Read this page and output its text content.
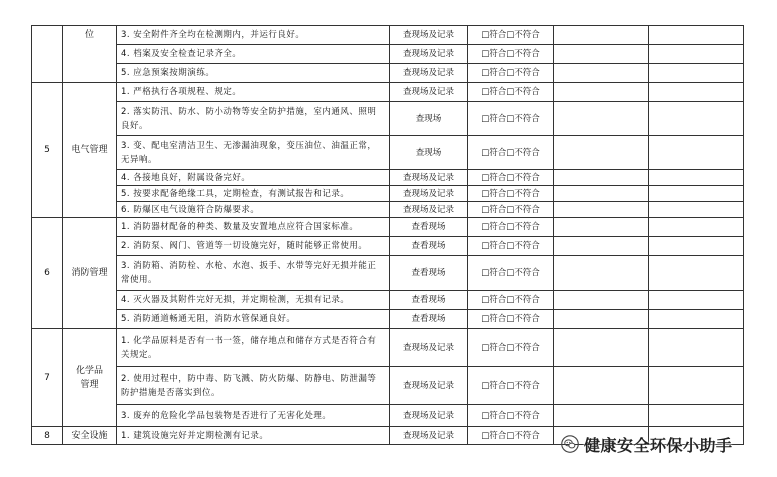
	位	3. 安全附件齐全均在检测期内，并运行良好。	查现场及记录	□符合□不符合		
		4. 档案及安全检查记录齐全。	查现场及记录	□符合□不符合		
		5. 应急预案按期演练。	查现场及记录	□符合□不符合		
5	电气管理	1. 严格执行各项规程、规定。	查现场及记录	□符合□不符合		
		2. 落实防汛、防水、防小动物等安全防护措施，室内通风、照明良好。	查现场	□符合□不符合		
		3. 变、配电室清洁卫生、无渗漏油现象，变压油位、油温正常，无异响。	查现场	□符合□不符合		
		4. 各接地良好，附属设备完好。	查现场及记录	□符合□不符合		
		5. 按要求配备绝缘工具，定期检查，有测试报告和记录。	查现场及记录	□符合□不符合		
		6. 防爆区电气设施符合防爆要求。	查现场及记录	□符合□不符合		
6	消防管理	1. 消防器材配备的种类、数量及安置地点应符合国家标准。	查看现场	□符合□不符合		
		2. 消防泵、阀门、管道等一切设施完好，随时能够正常使用。	查看现场	□符合□不符合		
		3. 消防箱、消防栓、水枪、水泡、扳手、水带等完好无损并能正常使用。	查看现场	□符合□不符合		
		4. 灭火器及其附件完好无损，并定期检测，无损有记录。	查看现场	□符合□不符合		
		5. 消防通道畅通无阻，消防水管保通良好。	查看现场	□符合□不符合		
7	化学品管理	1. 化学品原料是否有一书一签，储存地点和储存方式是否符合有关规定。	查现场及记录	□符合□不符合		
		2. 使用过程中，防中毒、防飞溅、防火防爆、防静电、防泄漏等防护措施是否落实到位。	查现场及记录	□符合□不符合		
		3. 废弃的危险化学品包装物是否进行了无害化处理。	查现场及记录	□符合□不符合		
8	安全设施	1. 建筑设施完好并定期检测有记录。	查现场及记录	□符合□不符合			健康安全环保小助手
